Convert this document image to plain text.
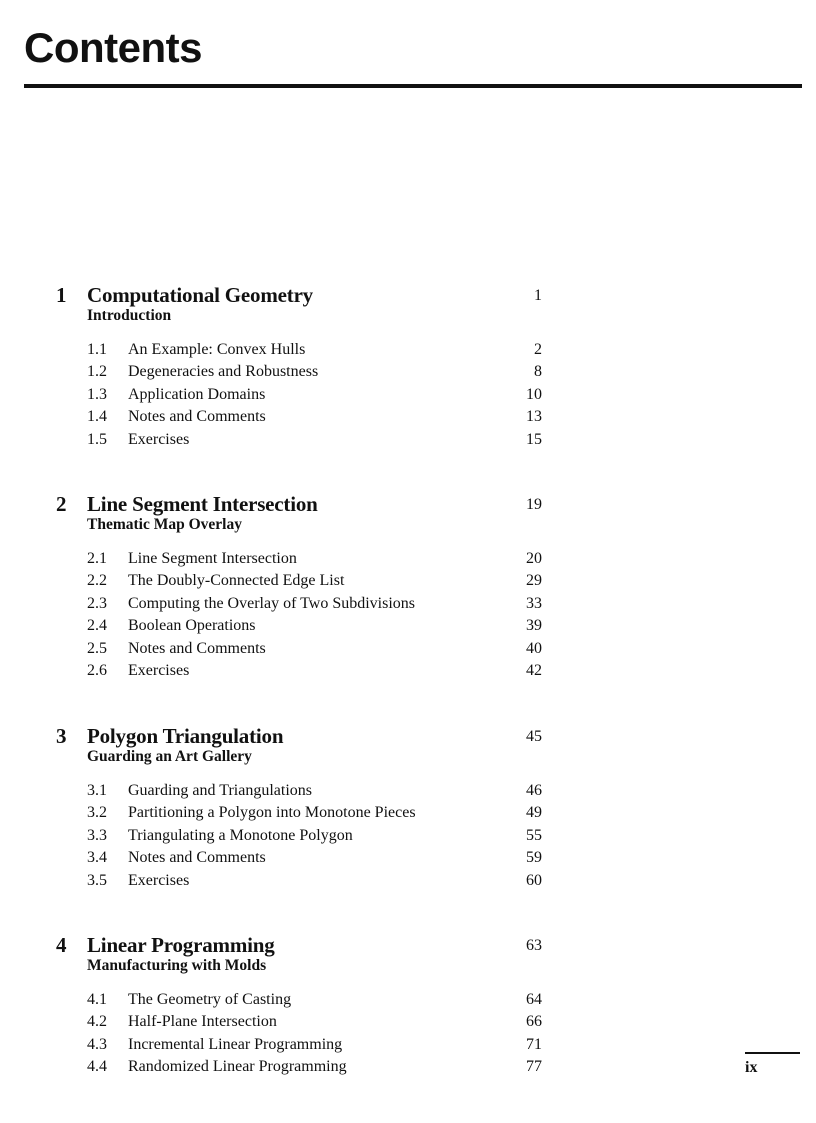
Contents
1 Computational Geometry	1
Introduction
1.1 An Example: Convex Hulls	2
1.2 Degeneracies and Robustness	8
1.3 Application Domains	10
1.4 Notes and Comments	13
1.5 Exercises	15
2 Line Segment Intersection	19
Thematic Map Overlay
2.1 Line Segment Intersection	20
2.2 The Doubly-Connected Edge List	29
2.3 Computing the Overlay of Two Subdivisions	33
2.4 Boolean Operations	39
2.5 Notes and Comments	40
2.6 Exercises	42
3 Polygon Triangulation	45
Guarding an Art Gallery
3.1 Guarding and Triangulations	46
3.2 Partitioning a Polygon into Monotone Pieces	49
3.3 Triangulating a Monotone Polygon	55
3.4 Notes and Comments	59
3.5 Exercises	60
4 Linear Programming	63
Manufacturing with Molds
4.1 The Geometry of Casting	64
4.2 Half-Plane Intersection	66
4.3 Incremental Linear Programming	71
4.4 Randomized Linear Programming	77	ix
